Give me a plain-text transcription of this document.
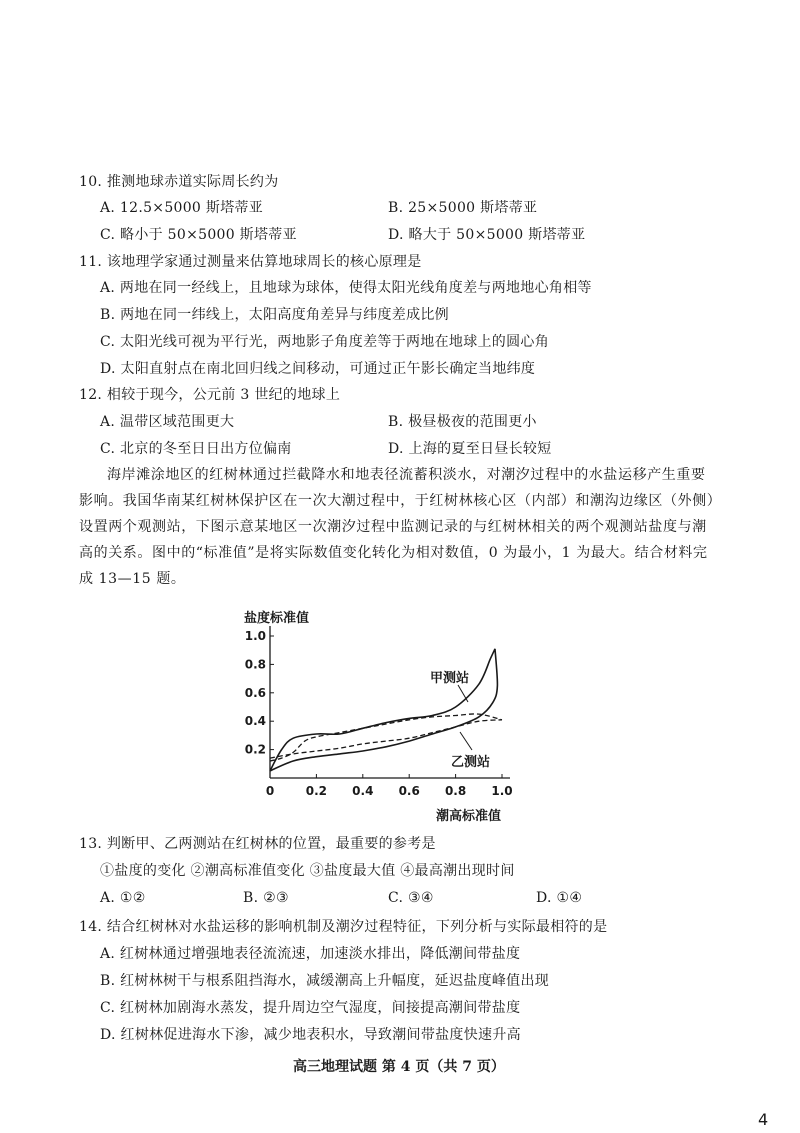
10. 推测地球赤道实际周长约为
A. 12.5×5000 斯塔蒂亚	B. 25×5000 斯塔蒂亚
C. 略小于 50×5000 斯塔蒂亚	D. 略大于 50×5000 斯塔蒂亚
11. 该地理学家通过测量来估算地球周长的核心原理是
A. 两地在同一经线上，且地球为球体，使得太阳光线角度差与两地地心角相等
B. 两地在同一纬线上，太阳高度角差异与纬度差成比例
C. 太阳光线可视为平行光，两地影子角度差等于两地在地球上的圆心角
D. 太阳直射点在南北回归线之间移动，可通过正午影长确定当地纬度
12. 相较于现今，公元前 3 世纪的地球上
A. 温带区域范围更大	B. 极昼极夜的范围更小
C. 北京的冬至日日出方位偏南	D. 上海的夏至日昼长较短
海岸滩涂地区的红树林通过拦截降水和地表径流蓄积淡水，对潮汐过程中的水盐运移产生重要影响。我国华南某红树林保护区在一次大潮过程中，于红树林核心区（内部）和潮沟边缘区（外侧）设置两个观测站，下图示意某地区一次潮汐过程中监测记录的与红树林相关的两个观测站盐度与潮高的关系。图中的“标准值”是将实际数值变化转化为相对数值，0 为最小，1 为最大。结合材料完成 13—15 题。
0	0.2 0.4 0.6 0.8 1.0
0.2
0.4
0.6
0.8
1.0
盐度标准值
潮高标准值
甲测站
乙测站
13. 判断甲、乙两测站在红树林的位置，最重要的参考是
①盐度的变化 ②潮高标准值变化 ③盐度最大值 ④最高潮出现时间
A. ①②	B. ②③	C. ③④	D. ①④
14. 结合红树林对水盐运移的影响机制及潮汐过程特征，下列分析与实际最相符的是
A. 红树林通过增强地表径流流速，加速淡水排出，降低潮间带盐度
B. 红树林树干与根系阻挡海水，减缓潮高上升幅度，延迟盐度峰值出现
C. 红树林加剧海水蒸发，提升周边空气湿度，间接提高潮间带盐度
D. 红树林促进海水下渗，减少地表积水，导致潮间带盐度快速升高
高三地理试题 第 4 页（共 7 页）
4
